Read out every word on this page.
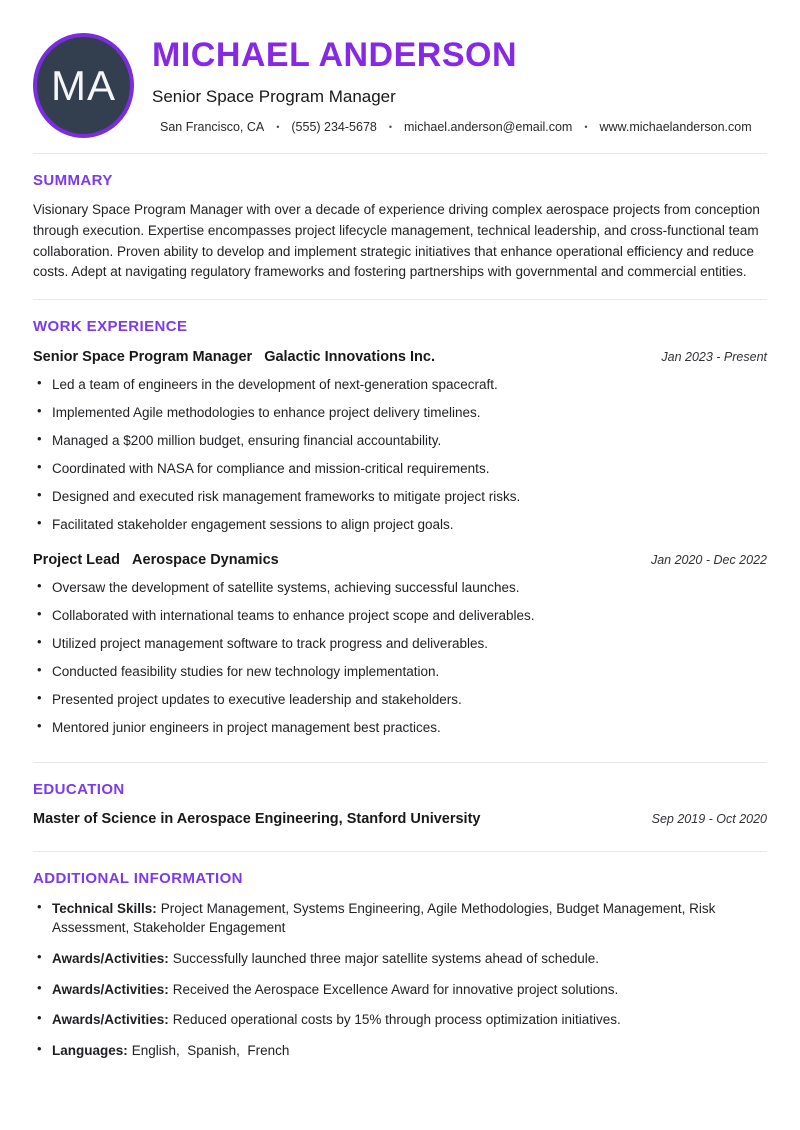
MA
MICHAEL ANDERSON
Senior Space Program Manager
San Francisco, CA • (555) 234-5678 • michael.anderson@email.com • www.michaelanderson.com
SUMMARY

Visionary Space Program Manager with over a decade of experience driving complex aerospace projects from conception through execution. Expertise encompasses project lifecycle management, technical leadership, and cross-functional team collaboration. Proven ability to develop and implement strategic initiatives that enhance operational efficiency and reduce costs. Adept at navigating regulatory frameworks and fostering partnerships with governmental and commercial entities.

WORK EXPERIENCE
Senior Space Program Manager Galactic Innovations Inc.	Jan 2023 - Present
• Led a team of engineers in the development of next-generation spacecraft.
• Implemented Agile methodologies to enhance project delivery timelines.
• Managed a $200 million budget, ensuring financial accountability.
• Coordinated with NASA for compliance and mission-critical requirements.
• Designed and executed risk management frameworks to mitigate project risks.
• Facilitated stakeholder engagement sessions to align project goals.
Project Lead Aerospace Dynamics	Jan 2020 - Dec 2022
• Oversaw the development of satellite systems, achieving successful launches.
• Collaborated with international teams to enhance project scope and deliverables.
• Utilized project management software to track progress and deliverables.
• Conducted feasibility studies for new technology implementation.
• Presented project updates to executive leadership and stakeholders.
• Mentored junior engineers in project management best practices.
EDUCATION
Master of Science in Aerospace Engineering, Stanford University	Sep 2019 - Oct 2020
ADDITIONAL INFORMATION
• Technical Skills: Project Management, Systems Engineering, Agile Methodologies, Budget Management, Risk Assessment, Stakeholder Engagement
• Awards/Activities: Successfully launched three major satellite systems ahead of schedule.
• Awards/Activities: Received the Aerospace Excellence Award for innovative project solutions.
• Awards/Activities: Reduced operational costs by 15% through process optimization initiatives.
• Languages: English,  Spanish,  French
